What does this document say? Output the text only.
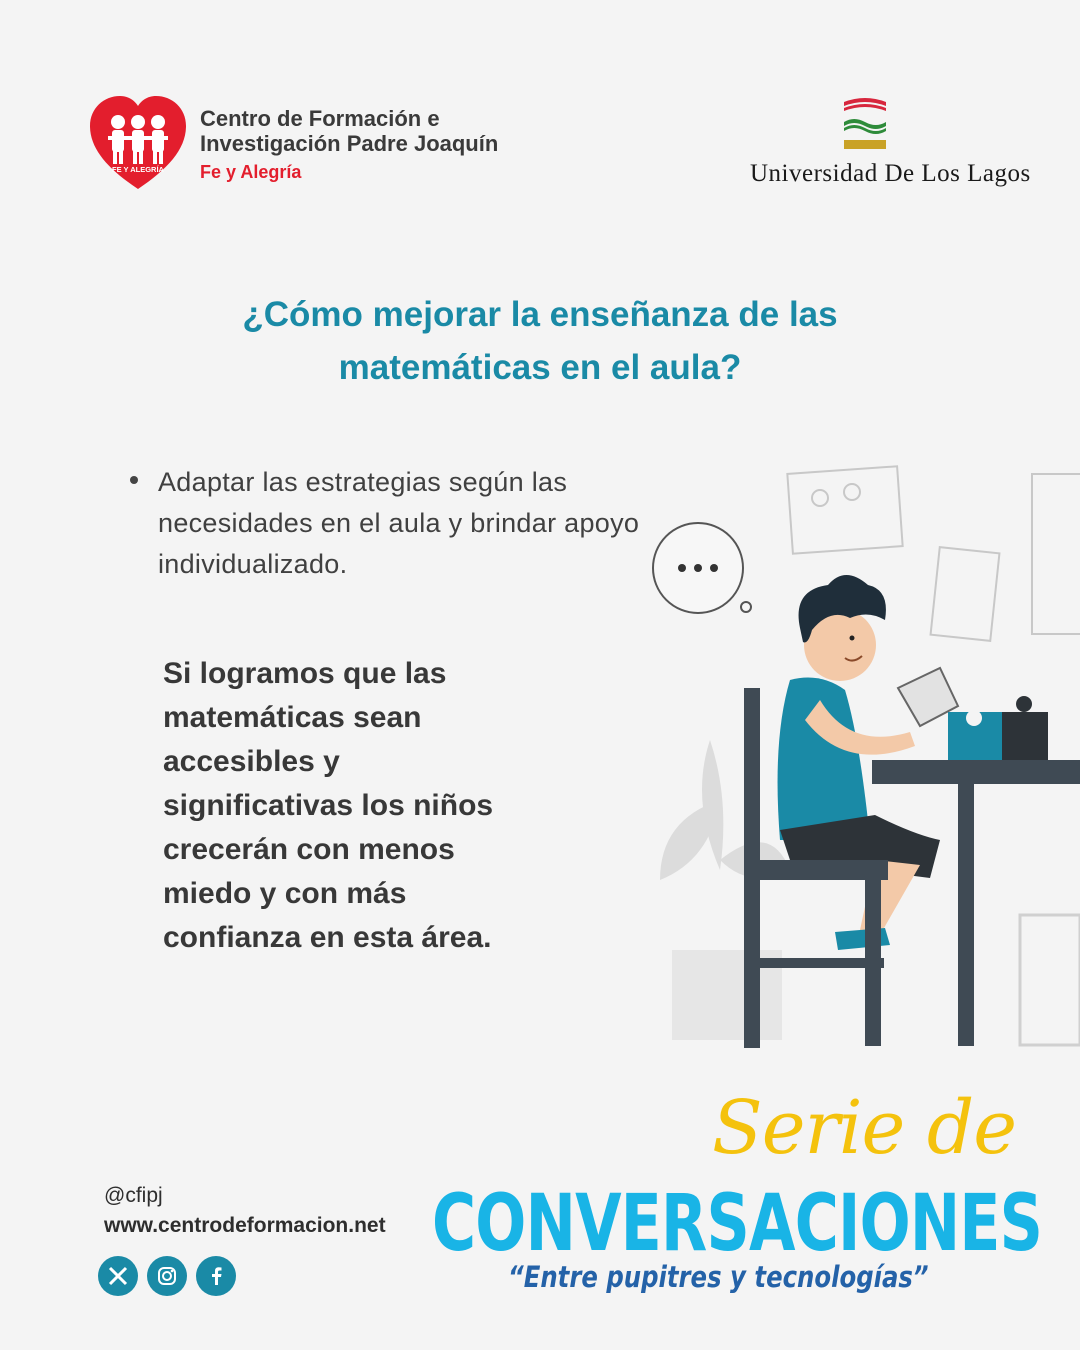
FE Y ALEGRÍA
Centro de Formación e
Investigación Padre Joaquín
Fe y Alegría	Universidad De Los Lagos
¿Cómo mejorar la enseñanza de las matemáticas en el aula?
Adaptar las estrategias según las necesidades en el aula y brindar apoyo individualizado.
Si logramos que las matemáticas sean accesibles y significativas los niños crecerán con menos miedo y con más confianza en esta área.
@cfipj
www.centrodeformacion.net
Serie de
CONVERSACIONES
“Entre pupitres y tecnologías”
